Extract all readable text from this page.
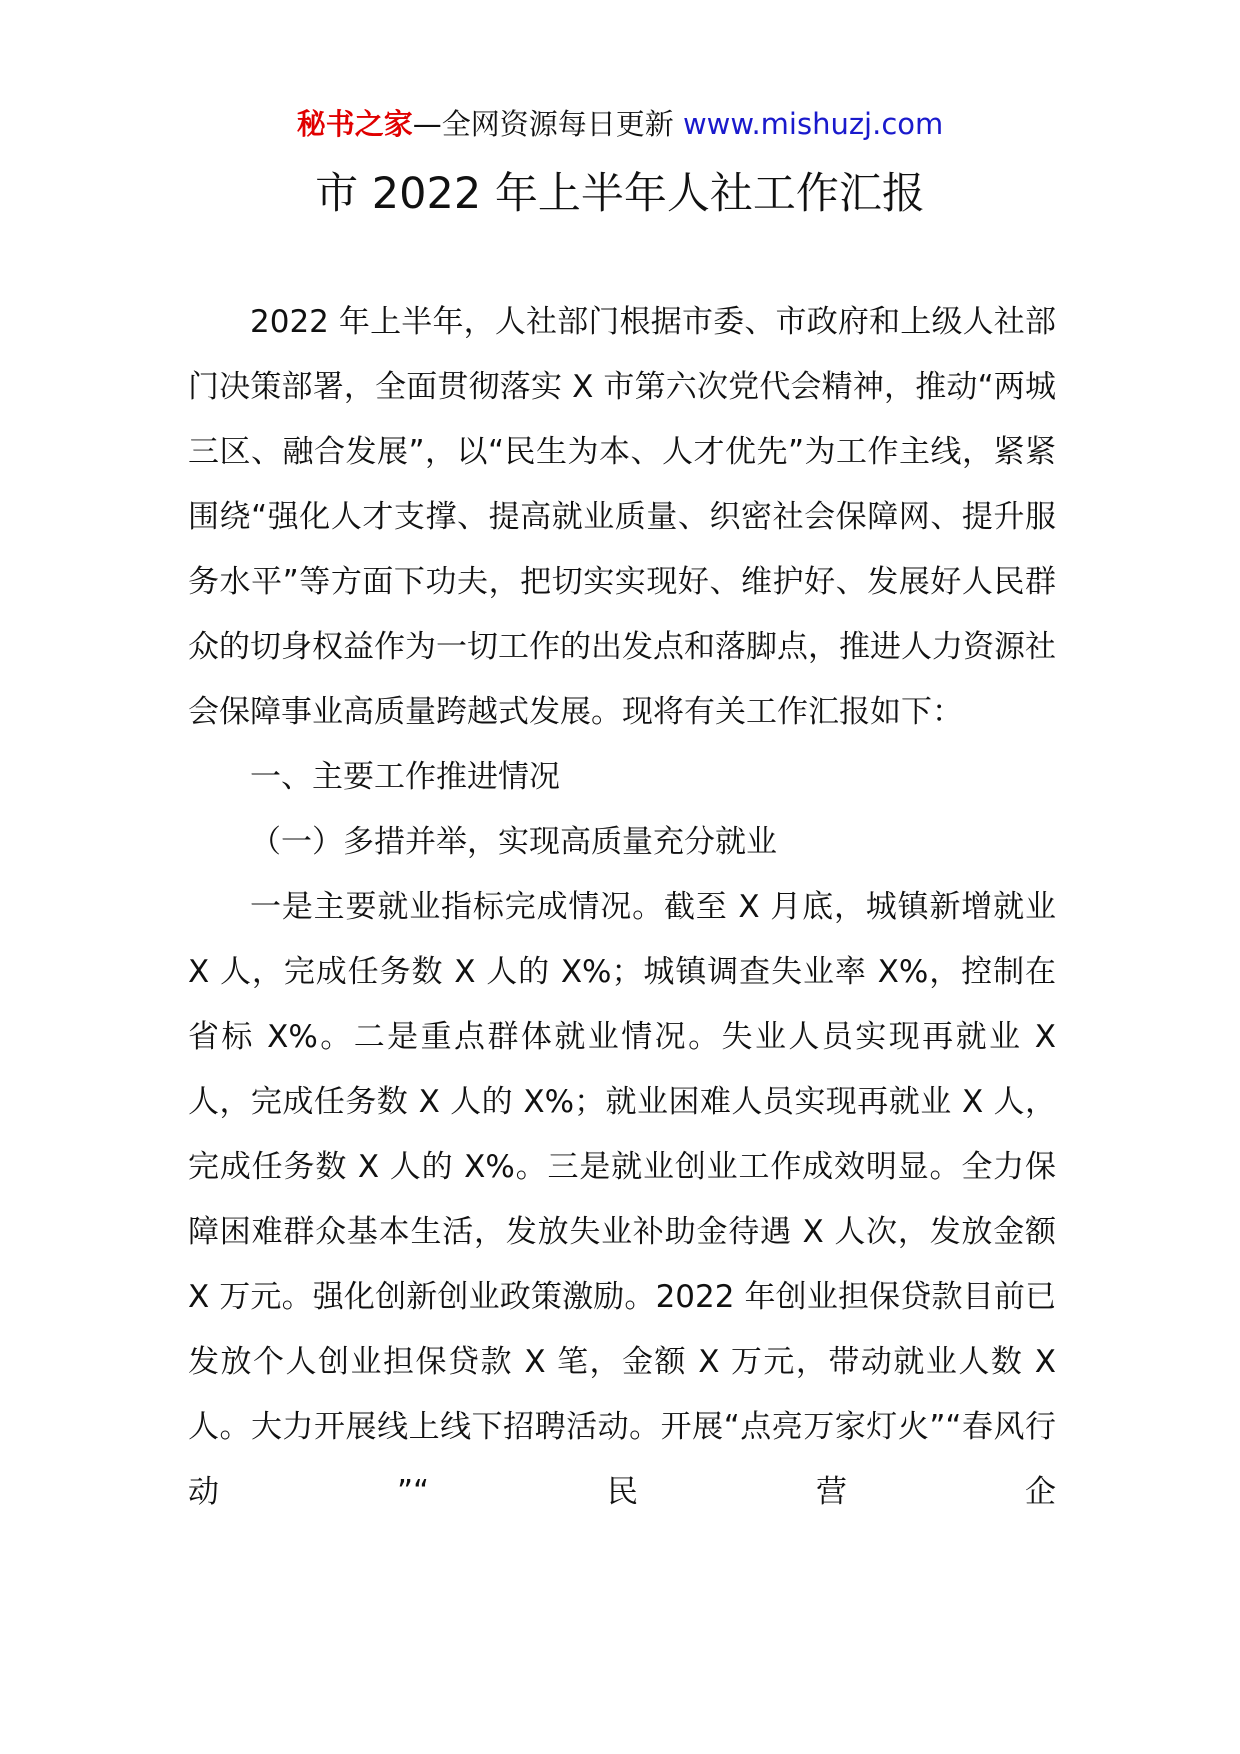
秘书之家—全网资源每日更新 www.mishuzj.com
市 2022 年上半年人社工作汇报

2022 年上半年，人社部门根据市委、市政府和上级人社部门决策部署，全面贯彻落实 X 市第六次党代会精神，推动“两城三区、融合发展”，以“民生为本、人才优先”为工作主线，紧紧围绕“强化人才支撑、提高就业质量、织密社会保障网、提升服务水平”等方面下功夫，把切实实现好、维护好、发展好人民群众的切身权益作为一切工作的出发点和落脚点，推进人力资源社会保障事业高质量跨越式发展。现将有关工作汇报如下：

一、主要工作推进情况

（一）多措并举，实现高质量充分就业

一是主要就业指标完成情况。截至 X 月底，城镇新增就业 X 人，完成任务数 X 人的 X%；城镇调查失业率 X%，控制在省标 X%。二是重点群体就业情况。失业人员实现再就业 X 人，完成任务数 X 人的 X%；就业困难人员实现再就业 X 人，完成任务数 X 人的 X%。三是就业创业工作成效明显。全力保障困难群众基本生活，发放失业补助金待遇 X 人次，发放金额 X 万元。强化创新创业政策激励。2022 年创业担保贷款目前已发放个人创业担保贷款 X 笔，金额 X 万元，带动就业人数 X 人。大力开展线上线下招聘活动。开展“点亮万家灯火”“春风行动”“民营企
